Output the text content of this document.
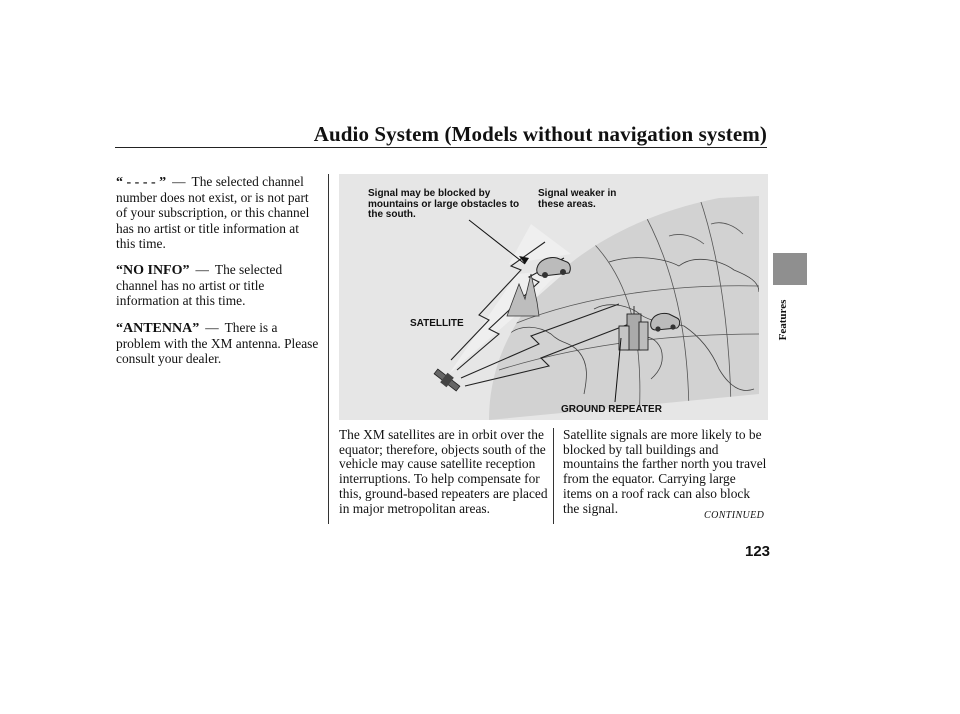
Audio System (Models without navigation system)
Features
“ - - - - ” — The selected channel number does not exist, or is not part of your subscription, or this channel has no artist or title information at this time.
“NO INFO” — The selected channel has no artist or title information at this time.
“ANTENNA” — There is a problem with the XM antenna. Please consult your dealer.
Signal may be blocked by mountains or large obstacles to the south.
Signal weaker in these areas.
SATELLITE
GROUND REPEATER
The XM satellites are in orbit over the equator; therefore, objects south of the vehicle may cause satellite reception interruptions. To help compensate for this, ground-based repeaters are placed in major metropolitan areas.
Satellite signals are more likely to be blocked by tall buildings and mountains the farther north you travel from the equator. Carrying large items on a roof rack can also block the signal.	CONTINUED
123
